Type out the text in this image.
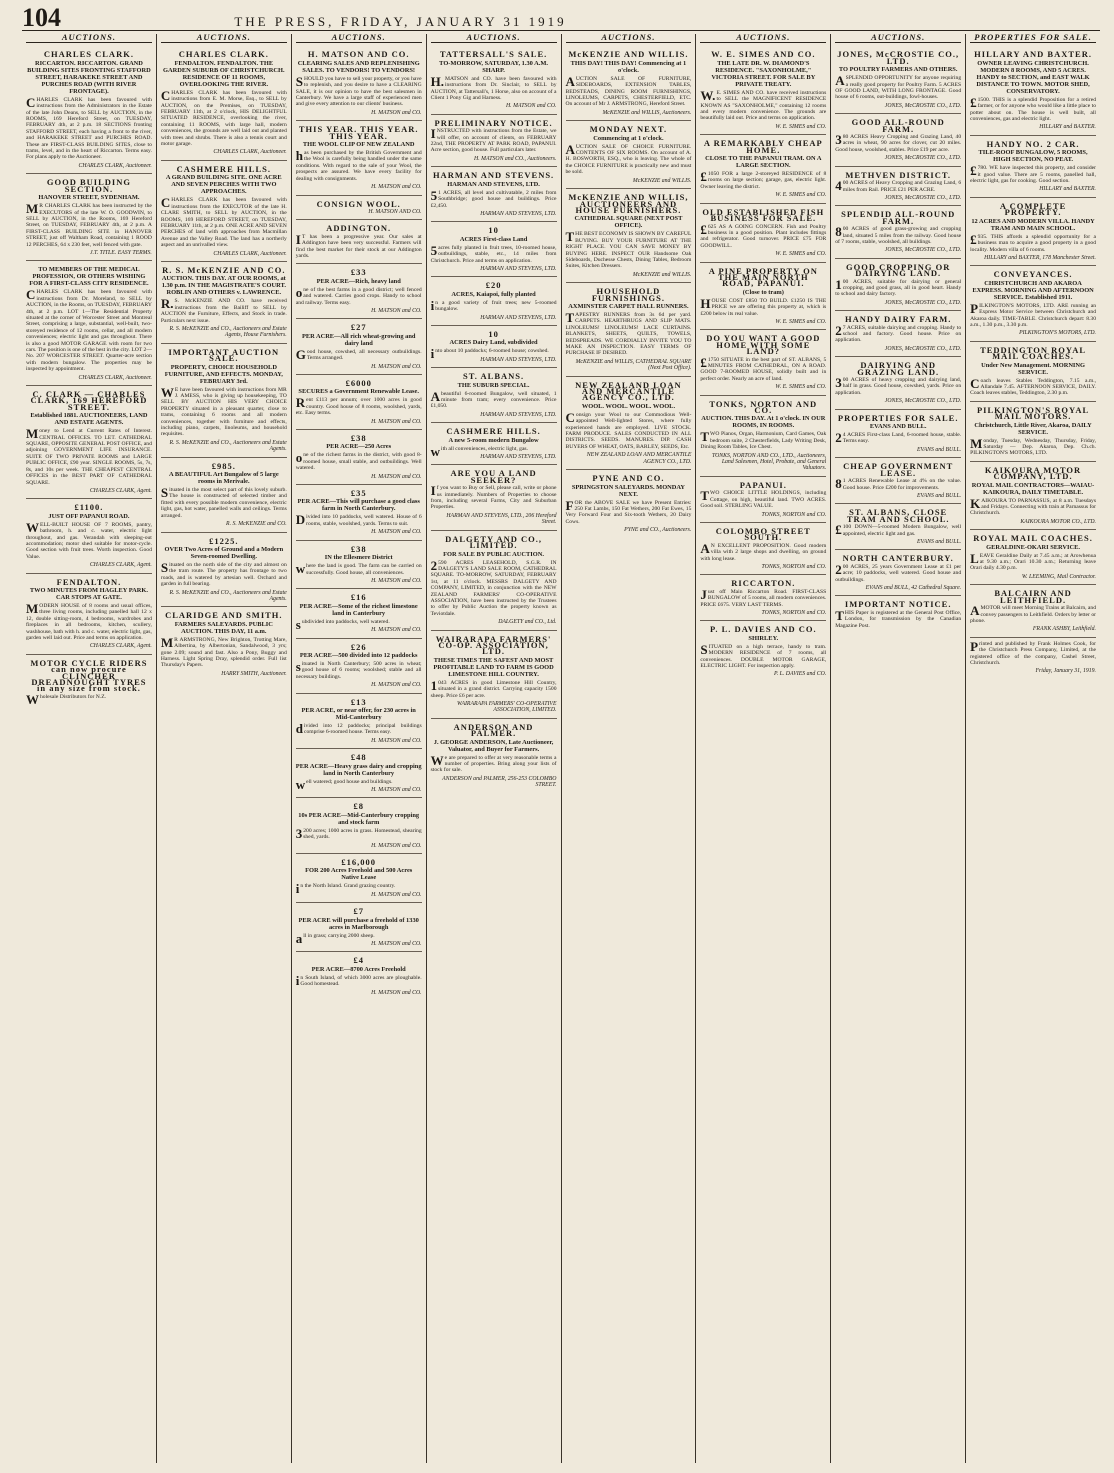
104	THE PRESS, FRIDAY, JANUARY 31 1919
AUCTIONS.
CHARLES CLARK.
RICCARTON. RICCARTON. GRAND BUILDING SITES FRONTING STAFFORD STREET, HARAKEKE STREET AND PURCHES ROAD (WITH RIVER FRONTAGE).
CHARLES CLARK has been favoured with instructions from the Administrators in the Estate of the late John Deans, to SELL by AUCTION, in the ROOMS, 169 Hereford Street, on TUESDAY, FEBRUARY 4th, at 2 p.m. 18 SECTIONS fronting STAFFORD STREET, each having a front to the river, and HARAKEKE STREET and PURCHES ROAD. These are FIRST-CLASS BUILDING SITES, close to trams, level, and in the heart of Riccarton. Terms easy. For plans apply to the Auctioneer.
CHARLES CLARK, Auctioneer.
GOOD BUILDING SECTION.
HANOVER STREET, SYDENHAM.
MR CHARLES CLARK has been instructed by the EXECUTORS of the late W. O. GOODWIN, to SELL by AUCTION, in the Rooms, 169 Hereford Street, on TUESDAY, FEBRUARY 4th, at 2 p.m. A FIRST-CLASS BUILDING SITE in HANOVER STREET, just off Waltham Road, containing 1 ROOD 12 PERCHES, 64 x 230 feet, well fenced with gate.
J.T. TITLE. EASY TERMS.
TO MEMBERS OF THE MEDICAL PROFESSION, OR OTHERS WISHING FOR A FIRST-CLASS CITY RESIDENCE.
CHARLES CLARK has been favoured with instructions from Dr. Moreland, to SELL by AUCTION, in the Rooms, on TUESDAY, FEBRUARY 4th, at 2 p.m. LOT 1—The Residential Property situated at the corner of Worcester Street and Montreal Street, comprising a large, substantial, well-built, two-storeyed residence of 12 rooms, cellar, and all modern conveniences; electric light and gas throughout. There is also a good MOTOR GARAGE with room for two cars. The position is one of the best in the city. LOT 2—No. 207 WORCESTER STREET. Quarter-acre section with modern bungalow. The properties may be inspected by appointment.
CHARLES CLARK, Auctioneer.
C. CLARK — CHARLES CLARK, 169 HEREFORD STREET.
Established 1881. AUCTIONEERS, LAND AND ESTATE AGENTS.
Money to Lend at Current Rates of Interest. CENTRAL OFFICES. TO LET. CATHEDRAL SQUARE, OPPOSITE GENERAL POST OFFICE, and adjoining GOVERNMENT LIFE INSURANCE. SUITE OF TWO PRIVATE ROOMS and LARGE PUBLIC OFFICE, £90 year. SINGLE ROOMS, 5s, 7s, 8s, and 10s per week. THE CHEAPEST CENTRAL OFFICES in the BEST PART OF CATHEDRAL SQUARE.
CHARLES CLARK, Agent.
£1100.
JUST OFF PAPANUI ROAD.
WELL-BUILT HOUSE OF 7 ROOMS, pantry, bathroom, h. and c. water, electric light throughout, and gas. Verandah with sleeping-out accommodation; motor shed suitable for motor-cycle. Good section with fruit trees. Worth inspection. Good Value.
CHARLES CLARK, Agent.
FENDALTON.
TWO MINUTES FROM HAGLEY PARK. CAR STOPS AT GATE.
MODERN HOUSE of 8 rooms and usual offices, three living rooms, including panelled hall 12 x 12, double sitting-room, 4 bedrooms, wardrobes and fireplaces in all bedrooms, kitchen, scullery, washhouse, bath with h. and c. water, electric light, gas, garden well laid out. Price and terms on application.
CHARLES CLARK, Agent.
MOTOR CYCLE RIDERS can now procure CLINCHER DREADNOUGHT TYRES in any size from stock.
Wholesale Distributors for N.Z.
AUCTIONS.
CHARLES CLARK.
FENDALTON. FENDALTON. THE GARDEN SUBURB OF CHRISTCHURCH. RESIDENCE OF 11 ROOMS, OVERLOOKING THE RIVER.
CHARLES CLARK has been favoured with instructions from E. M. Morse, Esq., to SELL by AUCTION, on the Premises, on TUESDAY, FEBRUARY 11th, at 2 o'clock, HIS DELIGHTFUL SITUATED RESIDENCE, overlooking the river, containing 11 ROOMS, with large hall, modern conveniences, the grounds are well laid out and planted with trees and shrubs. There is also a tennis court and motor garage.
CHARLES CLARK, Auctioneer.
CASHMERE HILLS.
A GRAND BUILDING SITE. ONE ACRE AND SEVEN PERCHES WITH TWO APPROACHES.
CHARLES CLARK has been favoured with instructions from the EXECUTOR of the late H. CLARE SMITH, to SELL by AUCTION, in the ROOMS, 169 HEREFORD STREET, on TUESDAY, FEBRUARY 11th, at 2 p.m. ONE ACRE AND SEVEN PERCHES of land with approaches from Macmillan Avenue and the Valley Road. The land has a northerly aspect and an unrivalled view.
CHARLES CLARK, Auctioneer.
R. S. McKENZIE AND CO.
AUCTION. THIS DAY. AT OUR ROOMS, at 1.30 p.m. IN THE MAGISTRATE'S COURT. ROBLIN AND OTHERS v. LAWRENCE.
R.S. McKENZIE AND CO. have received instructions from the Bailiff to SELL by AUCTION the Furniture, Effects, and Stock in trade. Particulars next issue.
R. S. McKENZIE and CO., Auctioneers and Estate Agents, House Furnishers.
IMPORTANT AUCTION SALE.
PROPERTY, CHOICE HOUSEHOLD FURNITURE, AND EFFECTS. MONDAY, FEBRUARY 3rd.
WE have been favoured with instructions from MR J. AMESS, who is giving up housekeeping, TO SELL BY AUCTION HIS VERY CHOICE PROPERTY situated in a pleasant quarter, close to trams, containing 6 rooms and all modern conveniences, together with furniture and effects, including piano, carpets, linoleums, and household requisites.
R. S. McKENZIE and CO., Auctioneers and Estate Agents.
£985.
A BEAUTIFUL Art Bungalow of 5 large rooms in Merivale.
Situated in the most select part of this lovely suburb. The house is constructed of selected timber and fitted with every possible modern convenience, electric light, gas, hot water, panelled walls and ceilings. Terms arranged.
R. S. McKENZIE and CO.
£1225.
OVER Two Acres of Ground and a Modern Seven-roomed Dwelling.
Situated on the north side of the city and almost on the tram route. The property has frontage to two roads, and is watered by artesian well. Orchard and garden in full bearing.
R. S. McKENZIE and CO., Auctioneers and Estate Agents.
CLARIDGE AND SMITH.
FARMERS SALEYARDS. PUBLIC AUCTION. THIS DAY, 11 a.m.
MR ARMSTRONG, New Brighton, Trotting Mare, Albertina, by Albertonian, Sandalwood, 3 yrs; gone 2.09; sound and fast. Also a Pony, Buggy and Harness. Light Spring Dray, splendid order. Full list Thursday's Papers.
HARRY SMITH, Auctioneer.
AUCTIONS.
H. MATSON AND CO.
CLEARING SALES AND REPLENISHING SALES. TO VENDORS! TO VENDORS!
SHOULD you have to sell your property, or you have to replenish, and you desire to have a CLEARING SALE, it is our opinion to have the best salesmen in Canterbury. We have a large staff of experienced men and give every attention to our clients' business.
H. MATSON and CO.
THIS YEAR. THIS YEAR. THIS YEAR.
THE WOOL CLIP OF NEW ZEALAND
has been purchased by the British Government and the Wool is carefully being handled under the same conditions. With regard to the sale of your Wool, the prospects are assured. We have every facility for dealing with consignments.
H. MATSON and CO.
CONSIGN WOOL.
H. MATSON AND CO.
ADDINGTON.
IT has been a progressive year. Our sales at Addington have been very successful. Farmers will find the best market for their stock at our Addington yards.
£33
PER ACRE—Rich, heavy land
one of the best farms in a good district; well fenced and watered. Carries good crops. Handy to school and railway. Terms easy.
H. MATSON and CO.
£27
PER ACRE—All rich wheat-growing and dairy land
Good house, cowshed, all necessary outbuildings. Terms arranged.
H. MATSON and CO.
£6000
SECURES a Government Renewable Lease.
Rent £113 per annum; over 1000 acres in good country. Good house of 8 rooms, woolshed, yards, etc. Easy terms.
H. MATSON and CO.
£38
PER ACRE—250 Acres
one of the richest farms in the district, with good 8-roomed house, small stable, and outbuildings. Well watered.
H. MATSON and CO.
£35
PER ACRE—This will purchase a good class farm in North Canterbury.
Divided into 10 paddocks, well watered. House of 6 rooms, stable, woolshed, yards. Terms to suit.
H. MATSON and CO.
£38
IN the Ellesmere District
where the land is good. The farm can be carried on successfully. Good house, all conveniences.
H. MATSON and CO.
£16
PER ACRE—Some of the richest limestone land in Canterbury
subdivided into paddocks, well watered.
H. MATSON and CO.
£26
PER ACRE—500 divided into 12 paddocks
situated in North Canterbury; 500 acres in wheat; good house of 6 rooms; woolshed; stable and all necessary buildings.
H. MATSON and CO.
£13
PER ACRE, or near offer, for 230 acres in Mid-Canterbury
divided into 12 paddocks; principal buildings comprise 6-roomed house. Terms easy.
H. MATSON and CO.
£48
PER ACRE—Heavy grass dairy and cropping land in North Canterbury
well watered; good house and buildings.
H. MATSON and CO.
£8
10s PER ACRE—Mid-Canterbury cropping and stock farm
3200 acres; 1000 acres in grass. Homestead, shearing shed, yards.
H. MATSON and CO.
£16,000
FOR 200 Acres Freehold and 500 Acres Native Lease
in the North Island. Grand grazing country.
H. MATSON and CO.
£7
PER ACRE will purchase a freehold of 1330 acres in Marlborough
all in grass; carrying 2000 sheep.
H. MATSON and CO.
£4
PER ACRE—8700 Acres Freehold
in South Island, of which 3000 acres are ploughable. Good homestead.
H. MATSON and CO.
AUCTIONS.
TATTERSALL'S SALE.
TO-MORROW, SATURDAY, 1.30 A.M. SHARP.
H.MATSON and CO. have been favoured with instructions from Dr. Sinclair, to SELL by AUCTION, at Tattersall's, 1 Horse, also on account of a Client 1 Pony Gig and Harness.
H. MATSON and CO.
PRELIMINARY NOTICE.
INSTRUCTED with instructions from the Estate, we will offer, on account of clients, on FEBRUARY 22nd, THE PROPERTY AT PARK ROAD, PAPANUI. Acre section, good house. Full particulars later.
H. MATSON and CO., Auctioneers.
HARMAN AND STEVENS.
HARMAN AND STEVENS, LTD.
51 ACRES, all level and cultivatable, 2 miles from Southbridge; good house and buildings. Price £2,450.
HARMAN AND STEVENS, LTD.
10
ACRES First-class Land
5acres fully planted in fruit trees, 10-roomed house, outbuildings, stable, etc., 14 miles from Christchurch. Price and terms on application.
HARMAN AND STEVENS, LTD.
£20
ACRES, Kaiapoi, fully planted
in a good variety of fruit trees; new 5-roomed bungalow.
HARMAN AND STEVENS, LTD.
10
ACRES Dairy Land, subdivided
into about 10 paddocks; 6-roomed house; cowshed.
HARMAN AND STEVENS, LTD.
ST. ALBANS.
THE SUBURB SPECIAL.
Abeautiful 6-roomed Bungalow, well situated, 1 minute from tram; every convenience. Price £1,050.
HARMAN AND STEVENS, LTD.
CASHMERE HILLS.
A new 5-room modern Bungalow
with all conveniences, electric light, gas.
HARMAN AND STEVENS, LTD.
ARE YOU A LAND SEEKER?
If you want to Buy or Sell, please call, write or phone us immediately. Numbers of Properties to choose from, including several Farms, City and Suburban Properties.
HARMAN AND STEVENS, LTD., 206 Hereford Street.
DALGETY AND CO., LIMITED.
FOR SALE BY PUBLIC AUCTION.
2590 ACRES LEASEHOLD, S.G.R. IN DALGETY'S LAND SALE ROOM, CATHEDRAL SQUARE. TO-MORROW, SATURDAY, FEBRUARY 1st, at 11 o'clock. MESSRS DALGETY AND COMPANY, LIMITED, in conjunction with the NEW ZEALAND FARMERS' CO-OPERATIVE ASSOCIATION, have been instructed by the Trustees to offer by Public Auction the property known as Teviotdale.
DALGETY and CO., Ltd.
WAIRARAPA FARMERS' CO-OP. ASSOCIATION, LTD.
THESE TIMES THE SAFEST AND MOST PROFITABLE LAND TO FARM IS GOOD LIMESTONE HILL COUNTRY.
1043 ACRES in good Limestone Hill Country, situated in a grand district. Carrying capacity 1500 sheep. Price £6 per acre.
WAIRARAPA FARMERS' CO-OPERATIVE ASSOCIATION, LIMITED.
ANDERSON AND PALMER.
J. GEORGE ANDERSON, Late Auctioneer, Valuator, and Buyer for Farmers.
We are prepared to offer at very reasonable terms a number of properties. Bring along your lists of stock for sale.
ANDERSON and PALMER, 256-253 COLOMBO STREET.
AUCTIONS.
McKENZIE AND WILLIS.
THIS DAY! THIS DAY! Commencing at 1 o'clock.
AUCTION SALE OF FURNITURE, SIDEBOARDS, EXTENSION TABLES, BEDSTEADS, DINING ROOM FURNISHINGS, LINOLEUMS, CARPETS, CHESTERFIELD, ETC. On account of Mr J. ARMSTRONG, Hereford Street.
McKENZIE and WILLIS, Auctioneers.
MONDAY NEXT.
Commencing at 1 o'clock.
AUCTION SALE OF CHOICE FURNITURE. CONTENTS OF SIX ROOMS. On account of A. H. BOSWORTH, ESQ., who is leaving. The whole of the CHOICE FURNITURE is practically new and must be sold.
McKENZIE and WILLIS.
McKENZIE AND WILLIS, AUCTIONEERS AND HOUSE FURNISHERS.
CATHEDRAL SQUARE (NEXT POST OFFICE).
THE BEST ECONOMY IS SHOWN BY CAREFUL BUYING. BUY YOUR FURNITURE AT THE RIGHT PLACE. YOU CAN SAVE MONEY BY BUYING HERE. INSPECT OUR Handsome Oak Sideboards, Duchesse Chests, Dining Tables, Bedroom Suites, Kitchen Dressers.
McKENZIE and WILLIS.
HOUSEHOLD FURNISHINGS.
AXMINSTER CARPET HALL RUNNERS.
TAPESTRY RUNNERS from 3s 6d per yard. CARPETS. HEARTHRUGS AND SLIP MATS. LINOLEUMS! LINOLEUMS! LACE CURTAINS. BLANKETS, SHEETS, QUILTS, TOWELS, BEDSPREADS. WE CORDIALLY INVITE YOU TO MAKE AN INSPECTION. EASY TERMS OF PURCHASE IF DESIRED.
McKENZIE and WILLIS, CATHEDRAL SQUARE (Next Post Office).
NEW ZEALAND LOAN AND MERCANTILE AGENCY CO., LTD.
WOOL. WOOL. WOOL. WOOL.
Consign your Wool to our Commodious Well-appointed Well-lighted Stores, where fully experienced hands are employed. LIVE STOCK. FARM PRODUCE. SALES CONDUCTED IN ALL DISTRICTS. SEEDS. MANURES. DIP. CASH BUYERS OF WHEAT, OATS, BARLEY, SEEDS, Etc.
NEW ZEALAND LOAN AND MERCANTILE AGENCY CO., LTD.
PYNE AND CO.
SPRINGSTON SALEYARDS. MONDAY NEXT.
FOR the ABOVE SALE we have Present Entries: 250 Fat Lambs, 150 Fat Wethers, 200 Fat Ewes, 15 Very Forward Four and Six-tooth Wethers, 20 Dairy Cows.
PYNE and CO., Auctioneers.
AUCTIONS.
W. E. SIMES AND CO.
THE LATE DR. W. DIAMOND'S RESIDENCE. "SAXONHOLME," VICTORIA STREET. FOR SALE BY PRIVATE TREATY.
W.E. SIMES AND CO. have received instructions to SELL the MAGNIFICENT RESIDENCE KNOWN AS "SAXONHOLME," containing 12 rooms and every modern convenience. The grounds are beautifully laid out. Price and terms on application.
W. E. SIMES and CO.
A REMARKABLY CHEAP HOME.
CLOSE TO THE PAPANUI TRAM. ON A LARGE SECTION.
£1050 FOR a large 2-storeyed RESIDENCE of 8 rooms on large section; garage, gas, electric light. Owner leaving the district.
W. E. SIMES and CO.
OLD ESTABLISHED FISH BUSINESS FOR SALE.
£625 AS A GOING CONCERN. Fish and Poultry business in a good position. Plant includes fittings and refrigerator. Good turnover. PRICE £75 FOR GOODWILL.
W. E. SIMES and CO.
A PINE PROPERTY ON THE MAIN NORTH ROAD, PAPANUI.
(Close to tram)
HOUSE COST £850 TO BUILD. £1250 IS THE PRICE we are offering this property at, which is £200 below its real value.
W. E. SIMES and CO.
DO YOU WANT A GOOD HOME WITH SOME LAND?
£1750 SITUATE in the best part of ST. ALBANS, 5 MINUTES FROM CATHEDRAL, ON A ROAD. GOOD 7-ROOMED HOUSE, solidly built and in perfect order. Nearly an acre of land.
W. E. SIMES and CO.
TONKS, NORTON AND CO.
AUCTION. THIS DAY. At 1 o'clock. IN OUR ROOMS, IN ROOMS.
TWO Pianos, Organ, Harmonium, Card Games, Oak bedroom suite, 2 Chesterfields, Lady Writing Desk, Dining Room Tables, Ice Chest.
TONKS, NORTON AND CO., LTD., Auctioneers, Land Salesmen, Hotel, Probate, and General Valuators.
PAPANUI.
TWO CHOICE LITTLE HOLDINGS, including Cottage, on high, beautiful land. TWO ACRES. Good soil. STERLING VALUE.
TONKS, NORTON and CO.
COLOMBO STREET SOUTH.
AN EXCELLENT PROPOSITION. Good modern villa with 2 large shops and dwelling, on ground with long lease.
TONKS, NORTON and CO.
RICCARTON.
Just off Main Riccarton Road. FIRST-CLASS BUNGALOW of 5 rooms, all modern conveniences. PRICE £675. VERY LAST TERMS.
TONKS, NORTON and CO.
P. L. DAVIES AND CO.
SHIRLEY.
SITUATED on a high terrace, handy to tram. MODERN RESIDENCE of 7 rooms, all conveniences. DOUBLE MOTOR GARAGE, ELECTRIC LIGHT. For inspection apply.
P. L. DAVIES and CO.
AUCTIONS.
JONES, McCROSTIE CO., LTD.
TO POULTRY FARMERS AND OTHERS.
ASPLENDID OPPORTUNITY for anyone requiring a really good property for Poultry Farm. 5 ACRES OF GOOD LAND, WITH LONG FRONTAGE. Good house of 6 rooms, out-buildings, fowl-houses.
JONES, McCROSTIE CO., LTD.
GOOD ALL-ROUND FARM.
380 ACRES Heavy Cropping and Grazing Land, 40 acres in wheat, 90 acres for clover, cut 20 miles. Good house, woolshed, stables. Price £19 per acre.
JONES, McCROSTIE CO., LTD.
METHVEN DISTRICT.
400 ACRES of Heavy Cropping and Grazing Land, 6 miles from Rail. PRICE £21 PER ACRE.
JONES, McCROSTIE CO., LTD.
SPLENDID ALL-ROUND FARM.
800 ACRES of good grass-growing and cropping land, situated 5 miles from the railway. Good house of 7 rooms, stable, woolshed, all buildings.
JONES, McCROSTIE CO., LTD.
GOOD CROPPING OR DAIRYING LAND.
100 ACRES, suitable for dairying or general cropping, and good grass, all in good heart. Handy to school and dairy factory.
JONES, McCROSTIE CO., LTD.
HANDY DAIRY FARM.
27 ACRES, suitable dairying and cropping. Handy to school and factory. Good house. Price on application.
JONES, McCROSTIE CO., LTD.
DAIRYING AND GRAZING LAND.
300 ACRES of heavy cropping and dairying land, half in grass. Good house, cowshed, yards. Price on application.
JONES, McCROSTIE CO., LTD.
PROPERTIES FOR SALE.
EVANS AND BULL.
24 ACRES First-class Land, 6-roomed house, stable. Terms easy.
EVANS and BULL.
CHEAP GOVERNMENT LEASE.
81 ACRES Renewable Lease at 4% on the value. Good house. Price £200 for improvements.
EVANS and BULL.
ST. ALBANS, CLOSE TRAM AND SCHOOL.
£100 DOWN—5-roomed Modern Bungalow, well appointed, electric light and gas.
EVANS and BULL.
NORTH CANTERBURY.
200 ACRES, 25 years Government Lease at £1 per acre; 10 paddocks, well watered. Good house and outbuildings.
EVANS and BULL, 42 Cathedral Square.
IMPORTANT NOTICE.
THIS Paper is registered at the General Post Office, London, for transmission by the Canadian Magazine Post.
PROPERTIES FOR SALE.
HILLARY AND BAXTER.
OWNER LEAVING CHRISTCHURCH. MODERN 8 ROOMS, AND 5 ACRES. HANDY to SECTION, and EAST WALK DISTANCE TO TOWN. MOTOR SHED, CONSERVATORY.
£1500. THIS is a splendid Proposition for a retired farmer, or for anyone who would like a little place to potter about on. The house is well built, all conveniences, gas and electric light.
HILLARY and BAXTER.
HANDY NO. 2 CAR.
TILE-ROOF BUNGALOW, 5 ROOMS, HIGH SECTION, NO PEAT.
£780. WE have inspected this property, and consider it good value. There are 5 rooms, panelled hall, electric light, gas for cooking. Good section.
HILLARY and BAXTER.
A COMPLETE PROPERTY.
12 ACRES AND MODERN VILLA. HANDY TRAM AND MAIN SCHOOL.
£935. THIS affords a splendid opportunity for a business man to acquire a good property in a good locality. Modern villa of 6 rooms.
HILLARY and BAXTER, 178 Manchester Street.
CONVEYANCES.
CHRISTCHURCH AND AKAROA EXPRESS. MORNING AND AFTERNOON SERVICE. Established 1911.
PILKINGTON'S MOTORS, LTD. ARE running an Express Motor Service between Christchurch and Akaroa daily. TIME-TABLE. Christchurch depart: 8.30 a.m., 1.30 p.m., 3.30 p.m.
PILKINGTON'S MOTORS, LTD.
TEDDINGTON ROYAL MAIL COACHES.
Under New Management. MORNING SERVICE.
Coach leaves Stables Teddington, 7.15 a.m., Allandale 7.45. AFTERNOON SERVICE, DAILY. Coach leaves stables, Teddington, 2.30 p.m.
PILKINGTON'S ROYAL MAIL MOTORS.
Christchurch, Little River, Akaroa, DAILY SERVICE.
Monday, Tuesday, Wednesday, Thursday, Friday, Saturday — Dep. Akaroa, Dep. Ch.ch. PILKINGTON'S MOTORS, LTD.
KAIKOURA MOTOR COMPANY, LTD.
ROYAL MAIL CONTRACTORS—WAIAU-KAIKOURA, DAILY TIMETABLE.
KAIKOURA TO PARNASSUS, at 8 a.m. Tuesdays and Fridays. Connecting with train at Parnassus for Christchurch.
KAIKOURA MOTOR CO., LTD.
ROYAL MAIL COACHES.
GERALDINE-OKARI SERVICE.
LEAVE Geraldine Daily at 7.45 a.m.; at Arowhenua at 9.30 a.m.; Orari 10.30 a.m.; Returning leave Orari daily 4.30 p.m.
W. LEEMING, Mail Contractor.
BALCAIRN AND LEITHFIELD.
AMOTOR will meet Morning Trains at Balcairn, and convey passengers to Leithfield. Orders by letter or phone.
FRANK ASHBY, Leithfield.
Printed and published by Frank Holmes Cook, for the Christchurch Press Company, Limited, at the registered office of the company, Cashel Street, Christchurch.
Friday, January 31, 1919.
